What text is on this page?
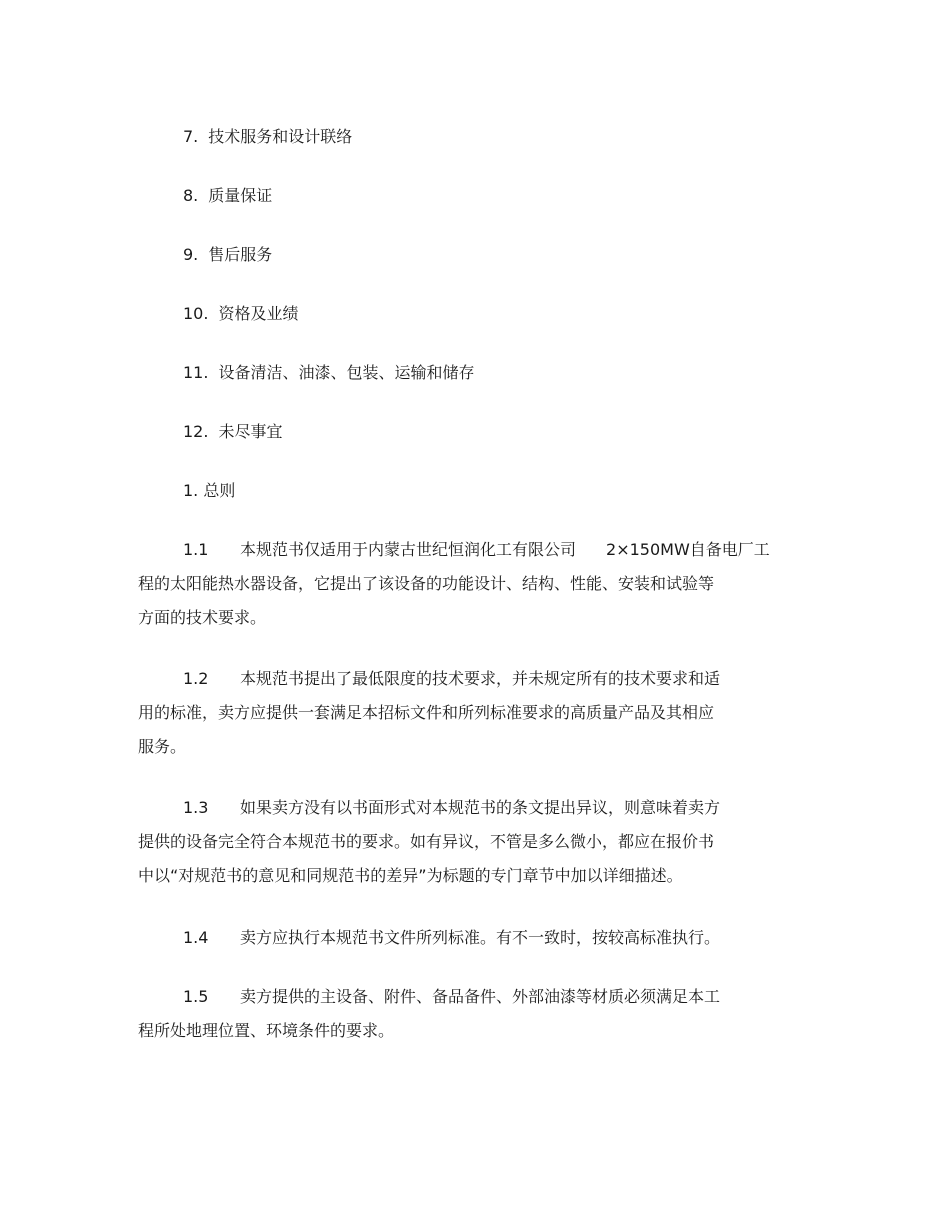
7. 技术服务和设计联络
8. 质量保证
9. 售后服务
10. 资格及业绩
11. 设备清洁、油漆、包装、运输和储存
12. 未尽事宜
1. 总则
1.1 本规范书仅适用于内蒙古世纪恒润化工有限公司 2×150MW自备电厂工
程的太阳能热水器设备，它提出了该设备的功能设计、结构、性能、安装和试验等
方面的技术要求。
1.2 本规范书提出了最低限度的技术要求，并未规定所有的技术要求和适
用的标准，卖方应提供一套满足本招标文件和所列标准要求的高质量产品及其相应
服务。
1.3 如果卖方没有以书面形式对本规范书的条文提出异议，则意味着卖方
提供的设备完全符合本规范书的要求。如有异议，不管是多么微小，都应在报价书
中以“对规范书的意见和同规范书的差异”为标题的专门章节中加以详细描述。
1.4 卖方应执行本规范书文件所列标准。有不一致时，按较高标准执行。
1.5 卖方提供的主设备、附件、备品备件、外部油漆等材质必须满足本工
程所处地理位置、环境条件的要求。
